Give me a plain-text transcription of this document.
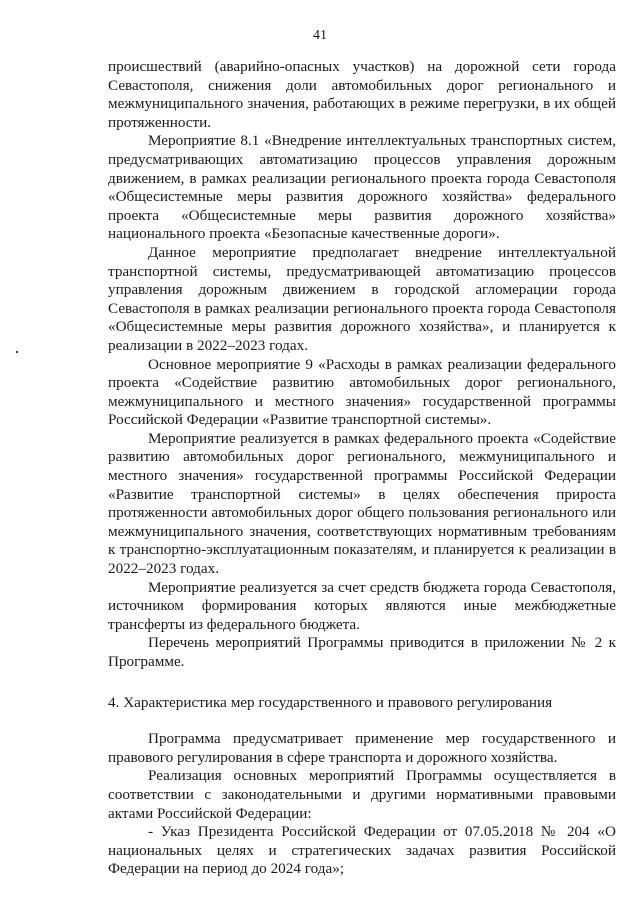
41

происшествий (аварийно-опасных участков) на дорожной сети города Севастополя, снижения доли автомобильных дорог регионального и межмуниципального значения, работающих в режиме перегрузки, в их общей протяженности.

Мероприятие 8.1 «Внедрение интеллектуальных транспортных систем, предусматривающих автоматизацию процессов управления дорожным движением, в рамках реализации регионального проекта города Севастополя «Общесистемные меры развития дорожного хозяйства» федерального проекта «Общесистемные меры развития дорожного хозяйства» национального проекта «Безопасные качественные дороги».

Данное мероприятие предполагает внедрение интеллектуальной транспортной системы, предусматривающей автоматизацию процессов управления дорожным движением в городской агломерации города Севастополя в рамках реализации регионального проекта города Севастополя «Общесистемные меры развития дорожного хозяйства», и планируется к реализации в 2022–2023 годах.

Основное мероприятие 9 «Расходы в рамках реализации федерального проекта «Содействие развитию автомобильных дорог регионального, межмуниципального и местного значения» государственной программы Российской Федерации «Развитие транспортной системы».

Мероприятие реализуется в рамках федерального проекта «Содействие развитию автомобильных дорог регионального, межмуниципального и местного значения» государственной программы Российской Федерации «Развитие транспортной системы» в целях обеспечения прироста протяженности автомобильных дорог общего пользования регионального или межмуниципального значения, соответствующих нормативным требованиям к транспортно-эксплуатационным показателям, и планируется к реализации в 2022–2023 годах.

Мероприятие реализуется за счет средств бюджета города Севастополя, источником формирования которых являются иные межбюджетные трансферты из федерального бюджета.

Перечень мероприятий Программы приводится в приложении № 2 к Программе.

4. Характеристика мер государственного и правового регулирования

Программа предусматривает применение мер государственного и правового регулирования в сфере транспорта и дорожного хозяйства.

Реализация основных мероприятий Программы осуществляется в соответствии с законодательными и другими нормативными правовыми актами Российской Федерации:

- Указ Президента Российской Федерации от 07.05.2018 № 204 «О национальных целях и стратегических задачах развития Российской Федерации на период до 2024 года»;
